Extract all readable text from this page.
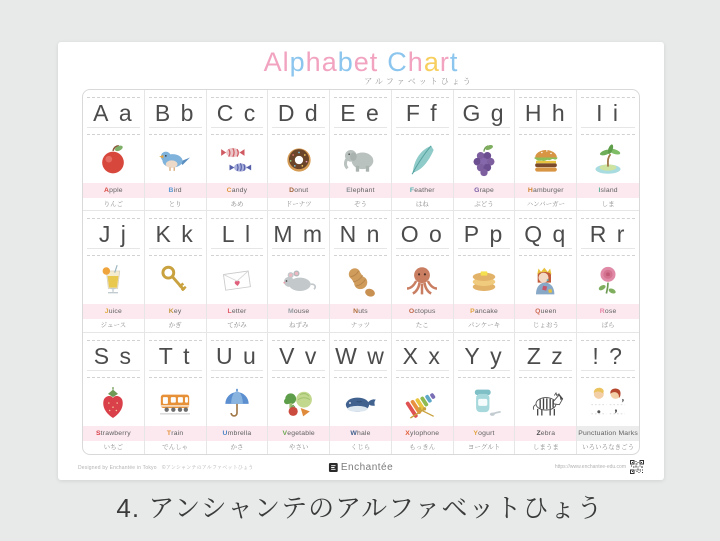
Alphabet Chart
アルファベットひょう
A a
Apple
りんご
B b
Bird
とり
C c
Candy
あめ
D d
Donut
ドーナツ
E e
Elephant
ぞう
F f
Feather
はね
G g
Grape
ぶどう
H h
Hamburger
ハンバーガー
I i
Island
しま
J j
Juice
ジュース
K k
Key
かぎ
L l
Letter
てがみ
M m
Mouse
ねずみ
N n
Nuts
ナッツ
O o
Octopus
たこ
P p
Pancake
パンケーキ
Q q
Queen
じょおう
R r
Rose
ばら
S s
Strawberry
いちご
T t
Train
でんしゃ
U u
Umbrella
かさ
V v
Vegetable
やさい
W w
Whale
くじら
X x
Xylophone
もっきん
Y y
Yogurt
ヨーグルト
Z z
Zebra
しまうま
! ?
Punctuation Marks
いろいろなきごう
Designed by Enchantée in Tokyo　©アンシャンテのアルファベットひょう	Enchantée	https://www.enchantee-edu.com
4. アンシャンテのアルファベットひょう
